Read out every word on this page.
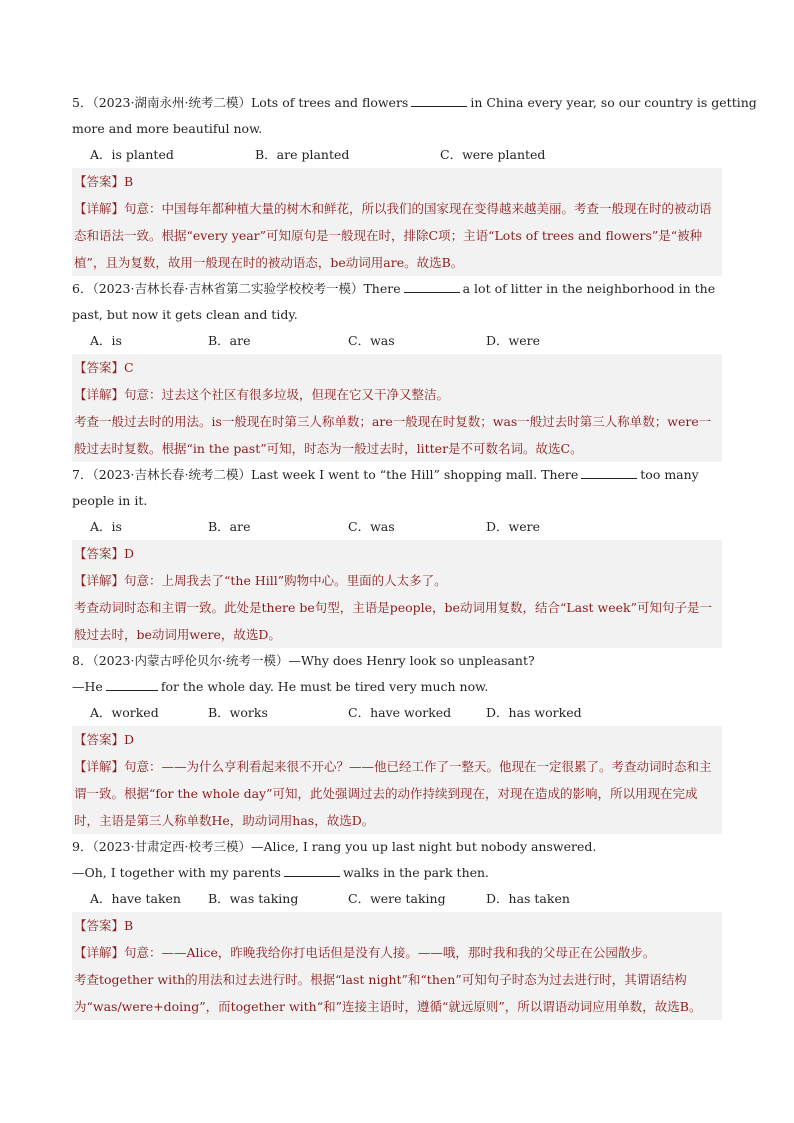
5．（2023·湖南永州·统考二模）Lots of trees and flowers	in China every year, so our country is getting
more and more beautiful now.
A．is planted	B．are planted	C．were planted
【答案】B
【详解】句意：中国每年都种植大量的树木和鲜花，所以我们的国家现在变得越来越美丽。考查一般现在时的被动语态和语法一致。根据“every year”可知原句是一般现在时，排除C项；主语“Lots of trees and flowers”是“被种植”，且为复数，故用一般现在时的被动语态，be动词用are。故选B。
6．（2023·吉林长春·吉林省第二实验学校校考一模）There	a lot of litter in the neighborhood in the
past, but now it gets clean and tidy.
A．is	B．are	C．was	D．were
【答案】C
【详解】句意：过去这个社区有很多垃圾，但现在它又干净又整洁。
考查一般过去时的用法。is一般现在时第三人称单数；are一般现在时复数；was一般过去时第三人称单数；were一般过去时复数。根据“in the past”可知，时态为一般过去时，litter是不可数名词。故选C。
7．（2023·吉林长春·统考二模）Last week I went to “the Hill” shopping mall. There	too many
people in it.
A．is	B．are	C．was	D．were
【答案】D
【详解】句意：上周我去了“the Hill”购物中心。里面的人太多了。
考查动词时态和主谓一致。此处是there be句型，主语是people，be动词用复数，结合“Last week”可知句子是一般过去时，be动词用were，故选D。
8．（2023·内蒙古呼伦贝尔·统考一模）—Why does Henry look so unpleasant?
—He	for the whole day. He must be tired very much now.
A．worked	B．works	C．have worked	D．has worked
【答案】D
【详解】句意：——为什么亨利看起来很不开心？——他已经工作了一整天。他现在一定很累了。考查动词时态和主谓一致。根据“for the whole day”可知，此处强调过去的动作持续到现在，对现在造成的影响，所以用现在完成时，主语是第三人称单数He，助动词用has，故选D。
9．（2023·甘肃定西·校考三模）—Alice, I rang you up last night but nobody answered.
—Oh, I together with my parents	walks in the park then.
A．have taken	B．was taking	C．were taking	D．has taken
【答案】B
【详解】句意：——Alice，昨晚我给你打电话但是没有人接。——哦，那时我和我的父母正在公园散步。
考查together with的用法和过去进行时。根据“last night”和“then”可知句子时态为过去进行时，其谓语结构为“was/were+doing”，而together with“和”连接主语时，遵循“就远原则”，所以谓语动词应用单数，故选B。
